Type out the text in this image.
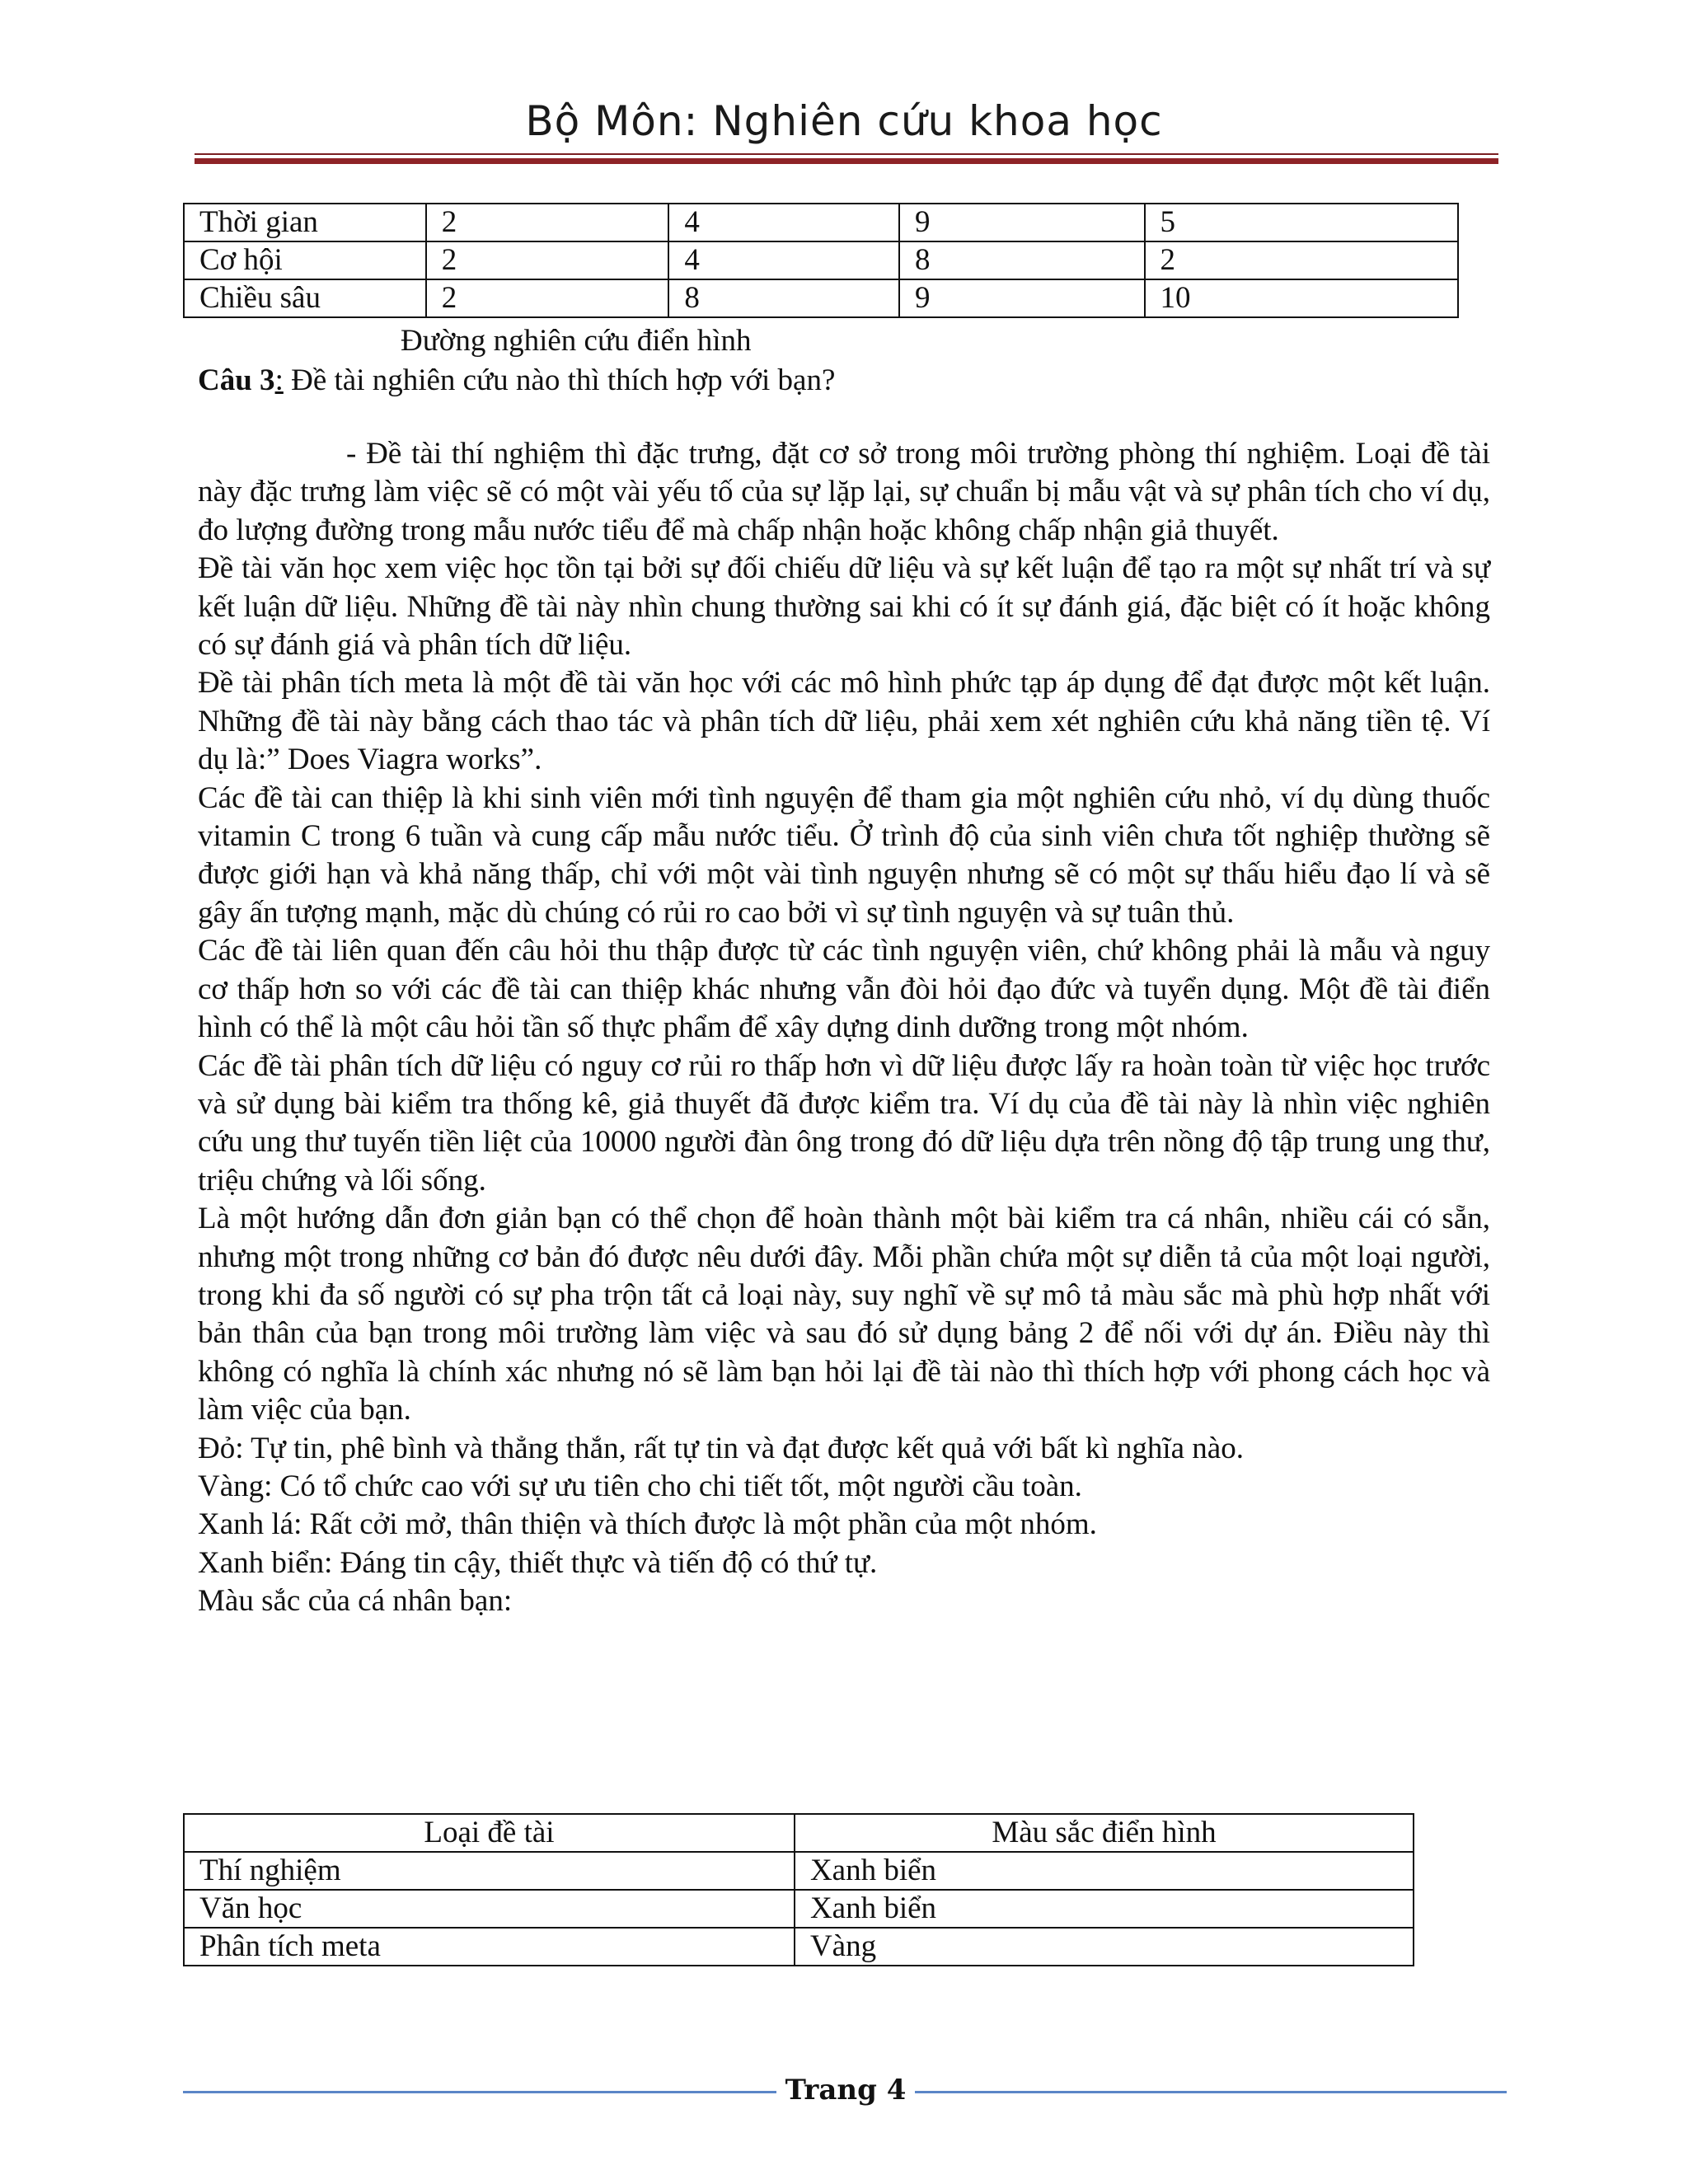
Bộ Môn: Nghiên cứu khoa học
Thời gian	2	4	9	5
Cơ hội	2	4	8	2
Chiều sâu	2	8	9	10
Đường nghiên cứu điển hình
Câu 3: Đề tài nghiên cứu nào thì thích hợp với bạn?

- Đề tài thí nghiệm thì đặc trưng, đặt cơ sở trong môi trường phòng thí nghiệm. Loại đề tài này đặc trưng làm việc sẽ có một vài yếu tố của sự lặp lại, sự chuẩn bị mẫu vật và sự phân tích cho ví dụ, đo lượng đường trong mẫu nước tiểu để mà chấp nhận hoặc không chấp nhận giả thuyết.

Đề tài văn học xem việc học tồn tại bởi sự đối chiếu dữ liệu và sự kết luận để tạo ra một sự nhất trí và sự kết luận dữ liệu. Những đề tài này nhìn chung thường sai khi có ít sự đánh giá, đặc biệt có ít hoặc không có sự đánh giá và phân tích dữ liệu.

Đề tài phân tích meta là một đề tài văn học với các mô hình phức tạp áp dụng để đạt được một kết luận. Những đề tài này bằng cách thao tác và phân tích dữ liệu, phải xem xét nghiên cứu khả năng tiền tệ. Ví dụ là:” Does Viagra works”.

Các đề tài can thiệp là khi sinh viên mới tình nguyện để tham gia một nghiên cứu nhỏ, ví dụ dùng thuốc vitamin C trong 6 tuần và cung cấp mẫu nước tiểu. Ở trình độ của sinh viên chưa tốt nghiệp thường sẽ được giới hạn và khả năng thấp, chỉ với một vài tình nguyện nhưng sẽ có một sự thấu hiểu đạo lí và sẽ gây ấn tượng mạnh, mặc dù chúng có rủi ro cao bởi vì sự tình nguyện và sự tuân thủ.

Các đề tài liên quan đến câu hỏi thu thập được từ các tình nguyện viên, chứ không phải là mẫu và nguy cơ thấp hơn so với các đề tài can thiệp khác nhưng vẫn đòi hỏi đạo đức và tuyển dụng. Một đề tài điển hình có thể là một câu hỏi tần số thực phẩm để xây dựng dinh dưỡng trong một nhóm.

Các đề tài phân tích dữ liệu có nguy cơ rủi ro thấp hơn vì dữ liệu được lấy ra hoàn toàn từ việc học trước và sử dụng bài kiểm tra thống kê, giả thuyết đã được kiểm tra. Ví dụ của đề tài này là nhìn việc nghiên cứu ung thư tuyến tiền liệt của 10000 người đàn ông trong đó dữ liệu dựa trên nồng độ tập trung ung thư, triệu chứng và lối sống.

Là một hướng dẫn đơn giản bạn có thể chọn để hoàn thành một bài kiểm tra cá nhân, nhiều cái có sẵn, nhưng một trong những cơ bản đó được nêu dưới đây. Mỗi phần chứa một sự diễn tả của một loại người, trong khi đa số người có sự pha trộn tất cả loại này, suy nghĩ về sự mô tả màu sắc mà phù hợp nhất với bản thân của bạn trong môi trường làm việc và sau đó sử dụng bảng 2 để nối với dự án. Điều này thì không có nghĩa là chính xác nhưng nó sẽ làm bạn hỏi lại đề tài nào thì thích hợp với phong cách học và làm việc của bạn.

Đỏ: Tự tin, phê bình và thẳng thắn, rất tự tin và đạt được kết quả với bất kì nghĩa nào.

Vàng: Có tổ chức cao với sự ưu tiên cho chi tiết tốt, một người cầu toàn.

Xanh lá: Rất cởi mở, thân thiện và thích được là một phần của một nhóm.

Xanh biển: Đáng tin cậy, thiết thực và tiến độ có thứ tự.

Màu sắc của cá nhân bạn:

Loại đề tài	Màu sắc điển hình
Thí nghiệm	Xanh biển
Văn học	Xanh biển
Phân tích meta	Vàng
Trang 4
